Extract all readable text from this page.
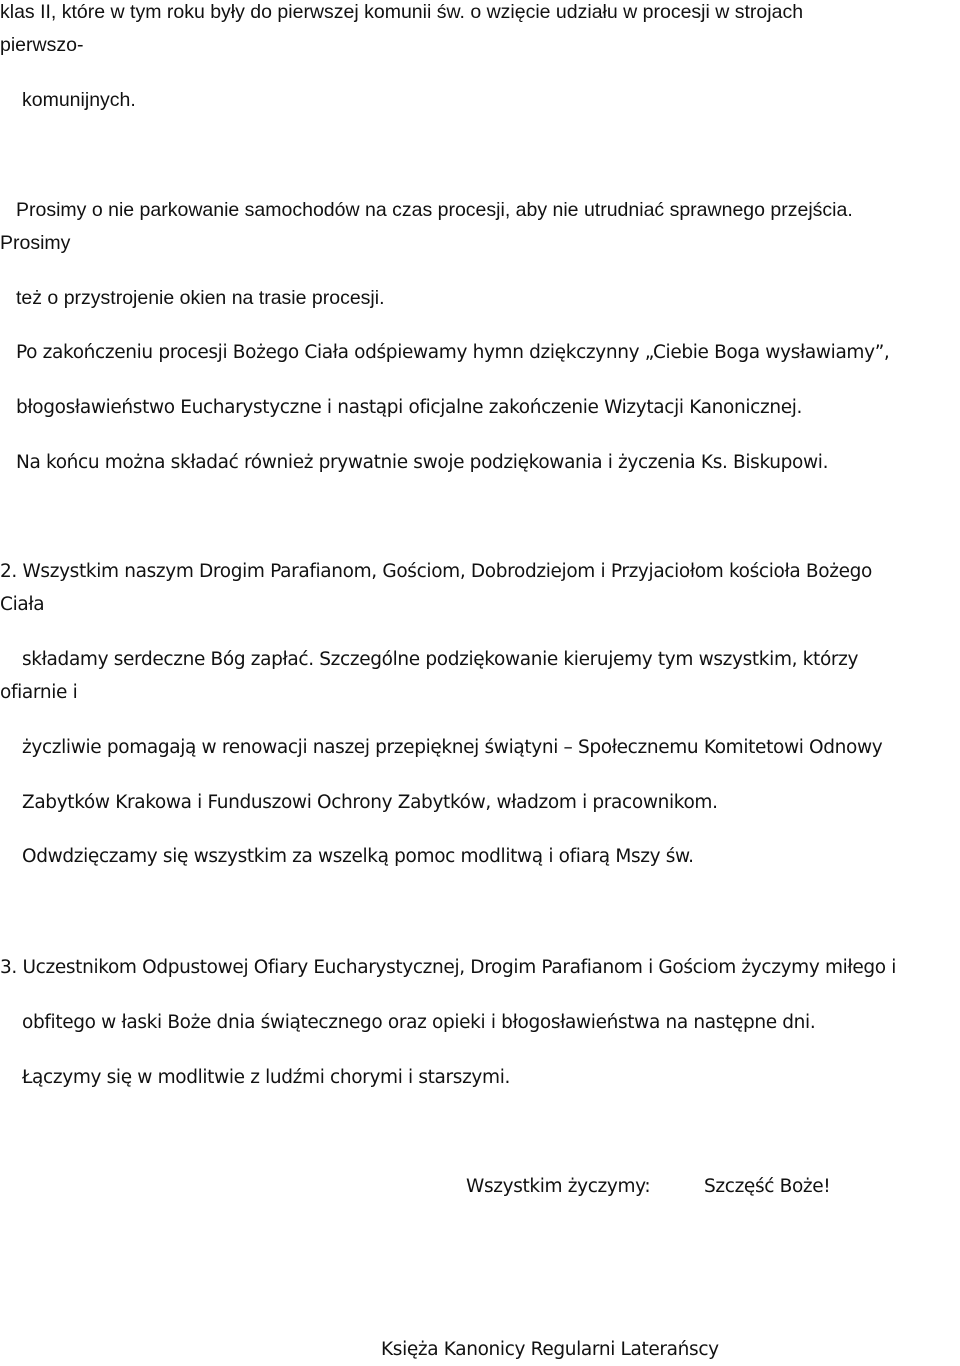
klas II, które w tym roku były do pierwszej komunii św. o wzięcie udziału w procesji w strojach
pierwszo-
komunijnych.
Prosimy o nie parkowanie samochodów na czas procesji, aby nie utrudniać sprawnego przejścia.
Prosimy
też o przystrojenie okien na trasie procesji.
Po zakończeniu procesji Bożego Ciała odśpiewamy hymn dziękczynny „Ciebie Boga wysławiamy”,
błogosławieństwo Eucharystyczne i nastąpi oficjalne zakończenie Wizytacji Kanonicznej.
Na końcu można składać również prywatnie swoje podziękowania i życzenia Ks. Biskupowi.
2. Wszystkim naszym Drogim Parafianom, Gościom, Dobrodziejom i Przyjaciołom kościoła Bożego
Ciała
składamy serdeczne Bóg zapłać. Szczególne podziękowanie kierujemy tym wszystkim, którzy
ofiarnie i
życzliwie pomagają w renowacji naszej przepięknej świątyni – Społecznemu Komitetowi Odnowy
Zabytków Krakowa i Funduszowi Ochrony Zabytków, władzom i pracownikom.
Odwdzięczamy się wszystkim za wszelką pomoc modlitwą i ofiarą Mszy św.
3. Uczestnikom Odpustowej Ofiary Eucharystycznej, Drogim Parafianom i Gościom życzymy miłego i
obfitego w łaski Boże dnia świątecznego oraz opieki i błogosławieństwa na następne dni.
Łączymy się w modlitwie z ludźmi chorymi i starszymi.
Wszystkim życzymy:	Szczęść Boże!
Księża Kanonicy Regularni Laterańscy
